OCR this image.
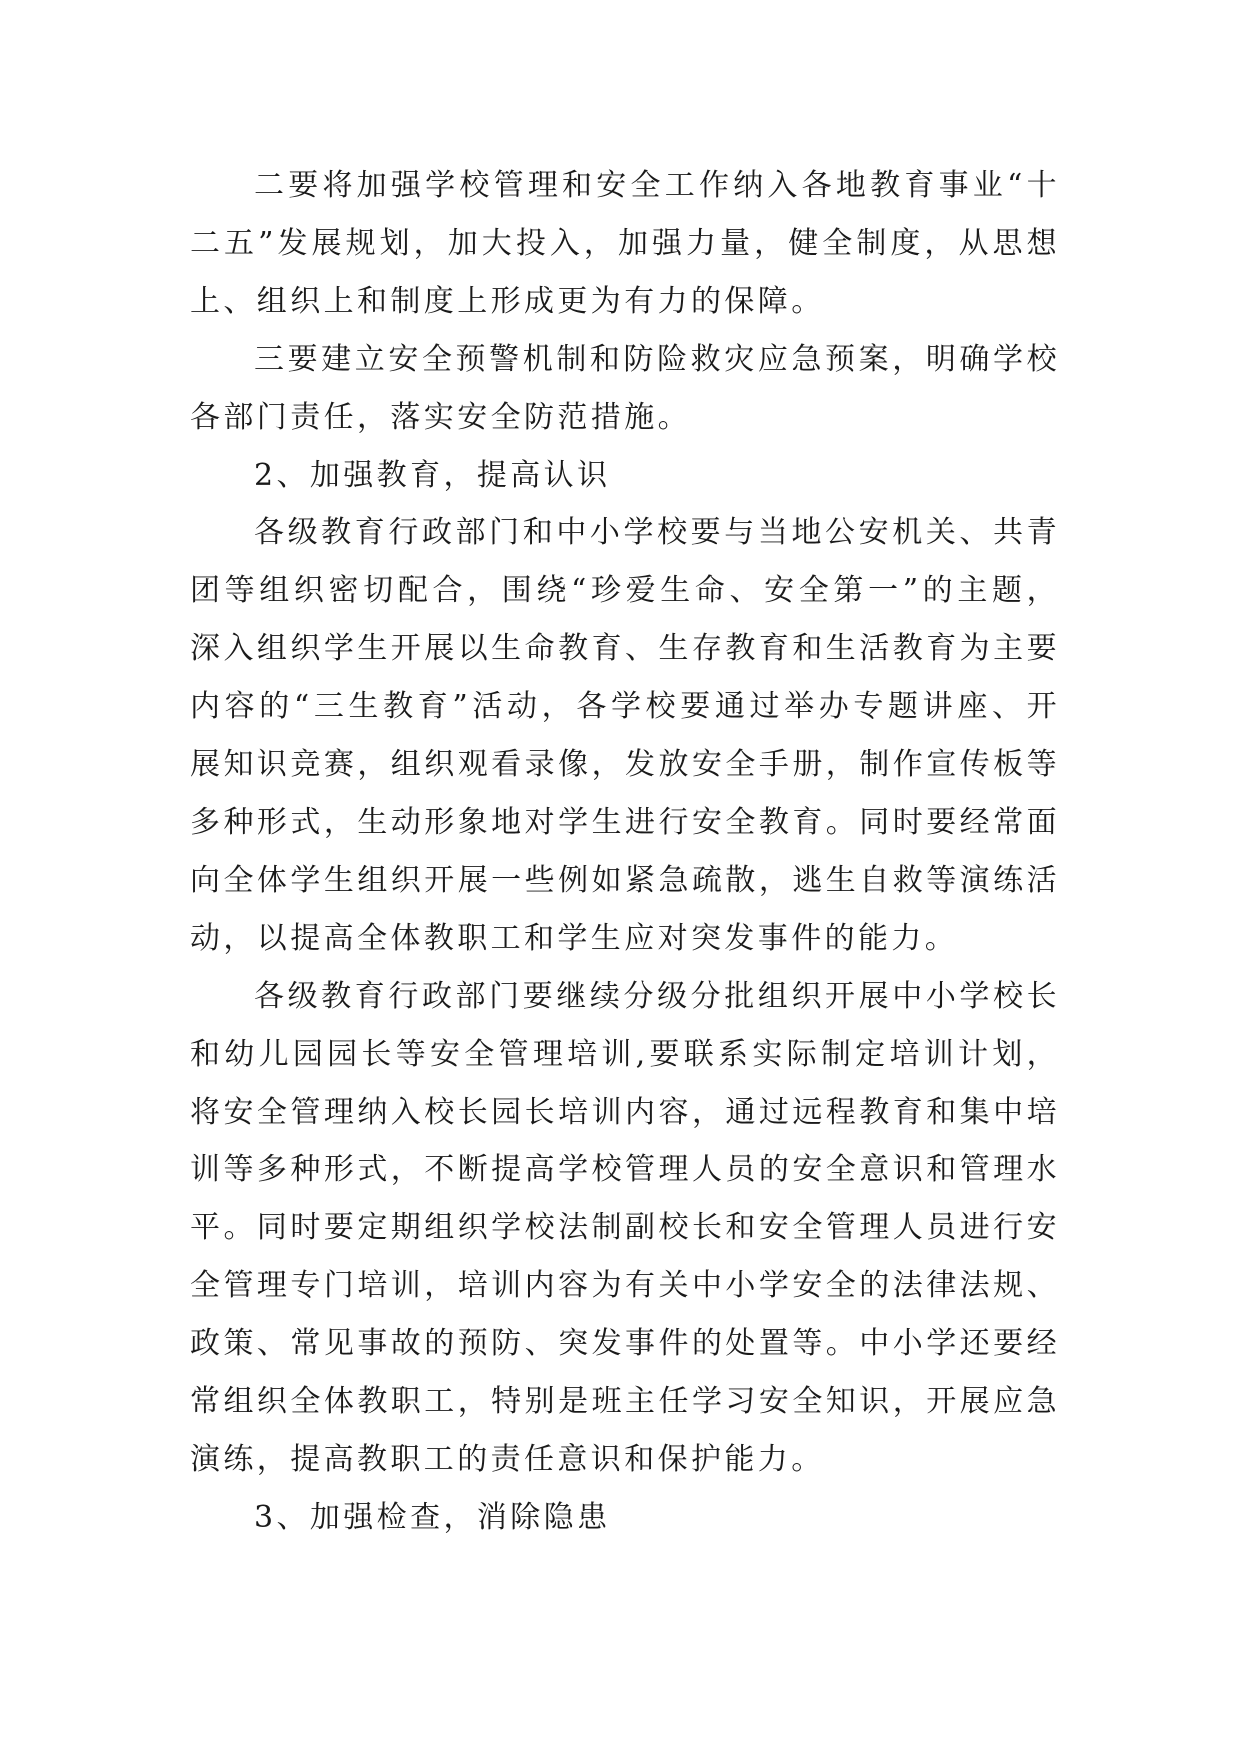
二要将加强学校管理和安全工作纳入各地教育事业“十二五”发展规划，加大投入，加强力量，健全制度，从思想上、组织上和制度上形成更为有力的保障。

三要建立安全预警机制和防险救灾应急预案，明确学校各部门责任，落实安全防范措施。

2、加强教育，提高认识

各级教育行政部门和中小学校要与当地公安机关、共青团等组织密切配合，围绕“珍爱生命、安全第一”的主题，深入组织学生开展以生命教育、生存教育和生活教育为主要内容的“三生教育”活动，各学校要通过举办专题讲座、开展知识竞赛，组织观看录像，发放安全手册，制作宣传板等多种形式，生动形象地对学生进行安全教育。同时要经常面向全体学生组织开展一些例如紧急疏散，逃生自救等演练活动，以提高全体教职工和学生应对突发事件的能力。

各级教育行政部门要继续分级分批组织开展中小学校长和幼儿园园长等安全管理培训,要联系实际制定培训计划，将安全管理纳入校长园长培训内容，通过远程教育和集中培训等多种形式，不断提高学校管理人员的安全意识和管理水平。同时要定期组织学校法制副校长和安全管理人员进行安全管理专门培训，培训内容为有关中小学安全的法律法规、政策、常见事故的预防、突发事件的处置等。中小学还要经常组织全体教职工，特别是班主任学习安全知识，开展应急演练，提高教职工的责任意识和保护能力。

3、加强检查，消除隐患
